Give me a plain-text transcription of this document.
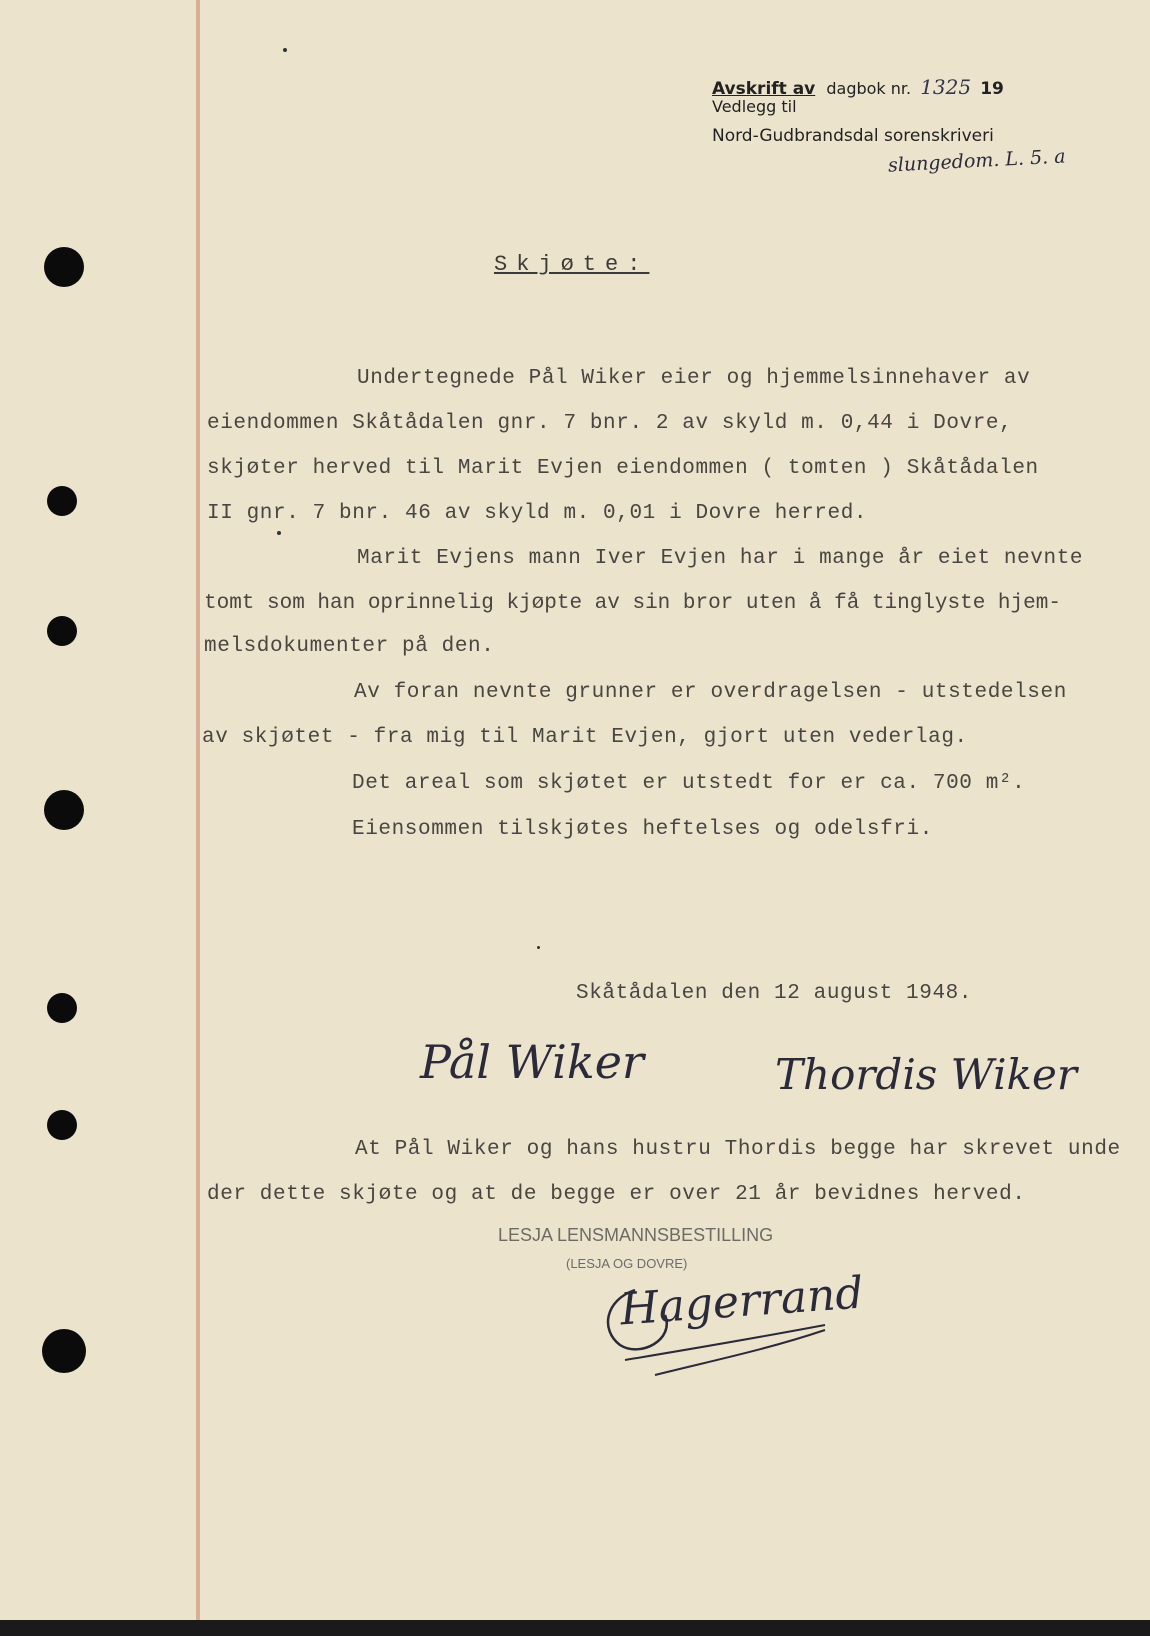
Avskrift av dagbok nr. 1325 19
Vedlegg til
Nord-Gudbrandsdal sorenskriveri
slungedom. L. 5. a
Skjøte:
Undertegnede Pål Wiker eier og hjemmelsinnehaver av
eiendommen Skåtådalen gnr. 7 bnr. 2 av skyld m. 0,44 i Dovre,
skjøter herved til Marit Evjen eiendommen ( tomten ) Skåtådalen
II gnr. 7 bnr. 46 av skyld m. 0,01 i Dovre herred.
Marit Evjens mann Iver Evjen har i mange år eiet nevnte
tomt som han oprinnelig kjøpte av sin bror uten å få tinglyste hjem-
melsdokumenter på den.
Av foran nevnte grunner er overdragelsen - utstedelsen
av skjøtet - fra mig til Marit Evjen, gjort uten vederlag.
Det areal som skjøtet er utstedt for er ca. 700 m².
Eiensommen tilskjøtes heftelses og odelsfri.
Skåtådalen den 12 august 1948.
Pål Wiker	Thordis Wiker
At Pål Wiker og hans hustru Thordis begge har skrevet unde
der dette skjøte og at de begge er over 21 år bevidnes herved.
LESJA LENSMANNSBESTILLING
(LESJA OG DOVRE)
Hagerrand
